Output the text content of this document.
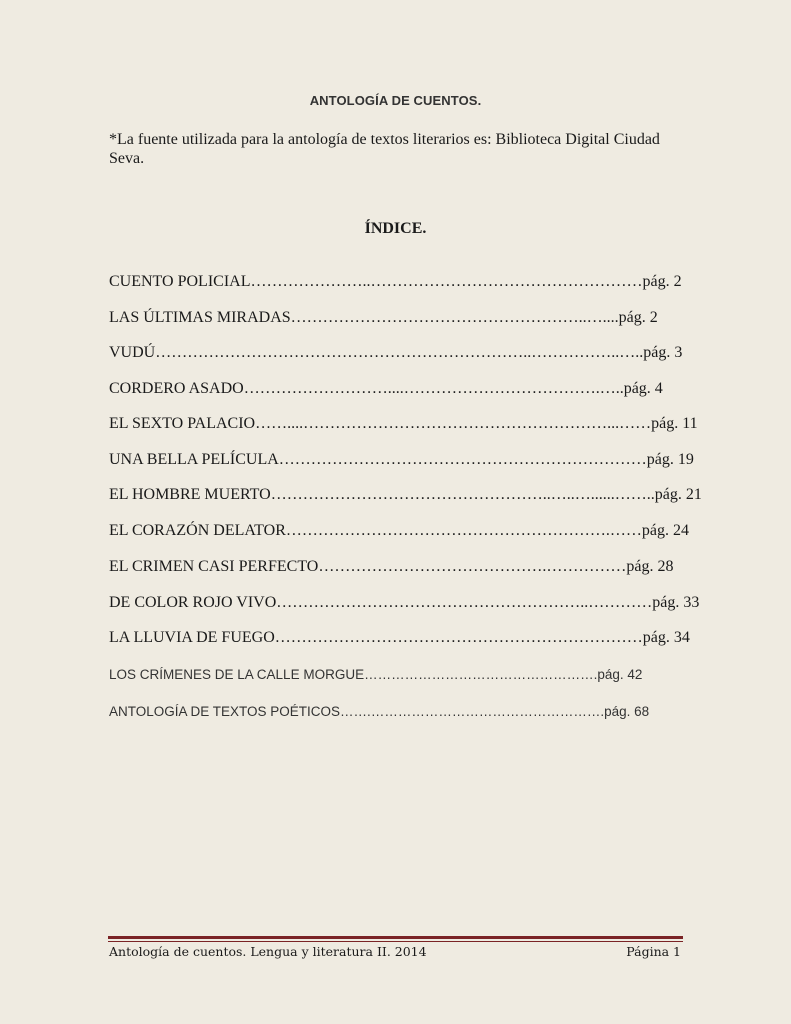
ANTOLOGÍA DE CUENTOS.
*La fuente utilizada para la antología de textos literarios es: Biblioteca Digital Ciudad Seva.
ÍNDICE.
CUENTO POLICIAL…………………..……………………………………………pág. 2
LAS ÚLTIMAS MIRADAS………………………………………………..…....pág. 2
VUDÚ……………………………………………………………..……………..…..pág. 3
CORDERO ASADO………………………....……………………………….…..pág. 4
EL SEXTO PALACIO……....…………………………………………………...……pág. 11
UNA BELLA PELÍCULA……………………………………………………………pág. 19
EL HOMBRE MUERTO……………………………………………..…..…......……..pág. 21
EL CORAZÓN DELATOR…………………………………………………….……pág. 24
EL CRIMEN CASI PERFECTO…………………………………….……………pág. 28
DE COLOR ROJO VIVO…………………………………………………..…………pág. 33
LA LLUVIA DE FUEGO……………………………………………………………pág. 34
LOS CRÍMENES DE LA CALLE MORGUE…………………………………………….pág. 42
ANTOLOGÍA DE TEXTOS POÉTICOS…….…………………………………………….pág. 68
Antología de cuentos. Lengua y literatura II. 2014	Página 1
